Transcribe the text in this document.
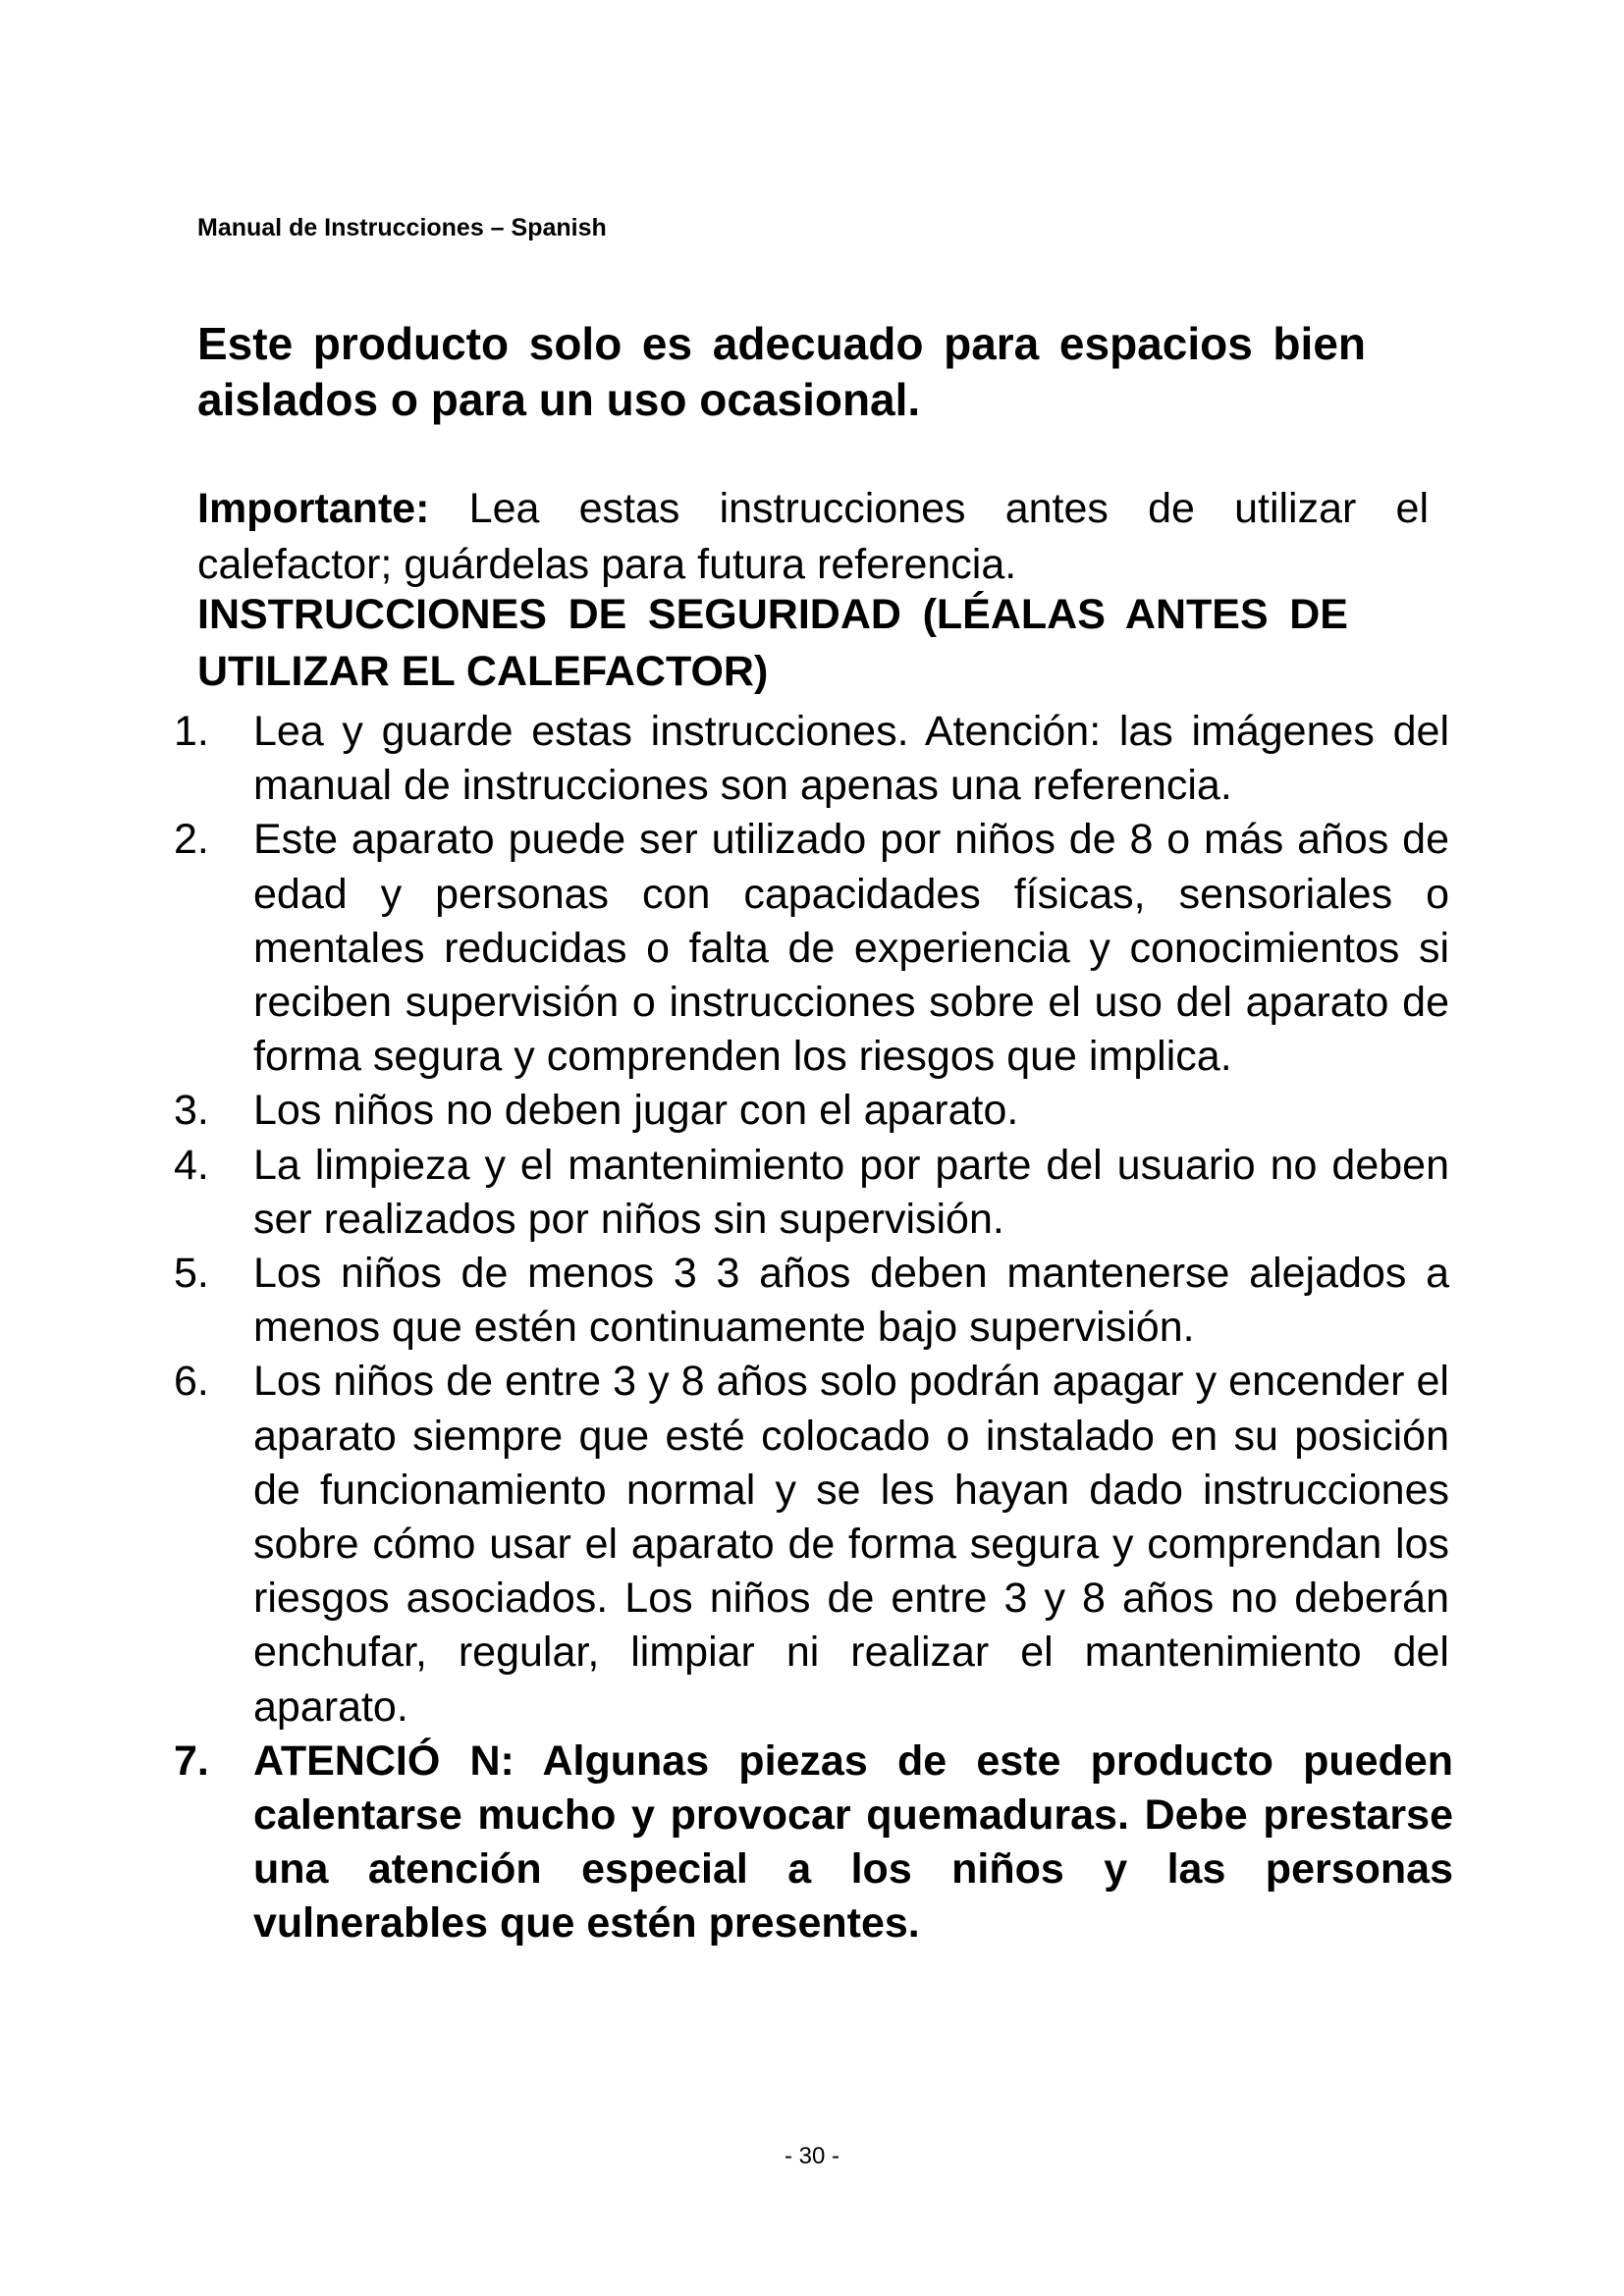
Manual de Instrucciones – Spanish
Este producto solo es adecuado para espacios bien aislados o para un uso ocasional.
Importante: Lea estas instrucciones antes de utilizar el calefactor; guárdelas para futura referencia.
INSTRUCCIONES DE SEGURIDAD (LÉALAS ANTES DE UTILIZAR EL CALEFACTOR)
1.	Lea y guarde estas instrucciones. Atención: las imágenes del manual de instrucciones son apenas una referencia.
2.	Este aparato puede ser utilizado por niños de 8 o más años de edad y personas con capacidades físicas, sensoriales o mentales reducidas o falta de experiencia y conocimientos si reciben supervisión o instrucciones sobre el uso del aparato de forma segura y comprenden los riesgos que implica.
3.	Los niños no deben jugar con el aparato.
4.	La limpieza y el mantenimiento por parte del usuario no deben ser realizados por niños sin supervisión.
5.	Los niños de menos 3 3 años deben mantenerse alejados a menos que estén continuamente bajo supervisión.
6.	Los niños de entre 3 y 8 años solo podrán apagar y encender el aparato siempre que esté colocado o instalado en su posición de funcionamiento normal y se les hayan dado instrucciones sobre cómo usar el aparato de forma segura y comprendan los riesgos asociados. Los niños de entre 3 y 8 años no deberán enchufar, regular, limpiar ni realizar el mantenimiento del aparato.
7.	ATENCIÓ N: Algunas piezas de este producto pueden calentarse mucho y provocar quemaduras. Debe prestarse una atención especial a los niños y las personas vulnerables que estén presentes.
- 30 -
